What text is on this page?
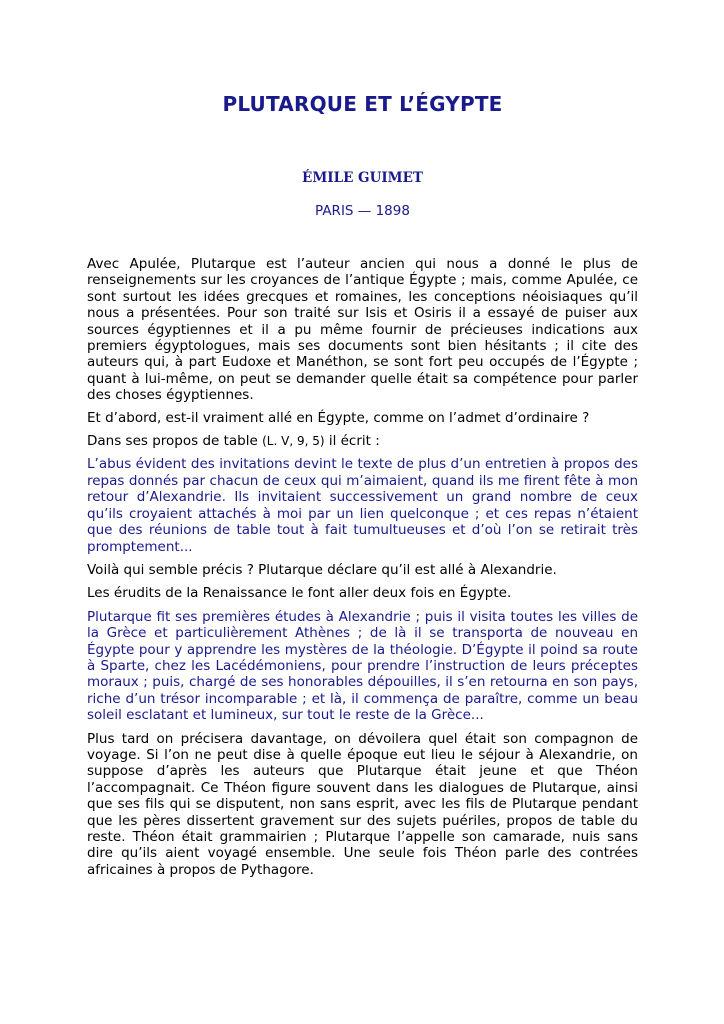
PLUTARQUE ET L’ÉGYPTE
ÉMILE GUIMET
PARIS — 1898

Avec Apulée, Plutarque est l’auteur ancien qui nous a donné le plus de renseignements sur les croyances de l’antique Égypte ; mais, comme Apulée, ce sont surtout les idées grecques et romaines, les conceptions néoisiaques qu’il nous a présentées. Pour son traité sur Isis et Osiris il a essayé de puiser aux sources égyptiennes et il a pu même fournir de précieuses indications aux premiers égyptologues, mais ses documents sont bien hésitants ; il cite des auteurs qui, à part Eudoxe et Manéthon, se sont fort peu occupés de l’Égypte ; quant à lui-même, on peut se demander quelle était sa compétence pour parler des choses égyptiennes.

Et d’abord, est-il vraiment allé en Égypte, comme on l’admet d’ordinaire ?

Dans ses propos de table (L. V, 9, 5) il écrit :

L’abus évident des invitations devint le texte de plus d’un entretien à propos des repas donnés par chacun de ceux qui m’aimaient, quand ils me firent fête à mon retour d’Alexandrie. Ils invitaient successivement un grand nombre de ceux qu’ils croyaient attachés à moi par un lien quelconque ; et ces repas n’étaient que des réunions de table tout à fait tumultueuses et d’où l’on se retirait très promptement...

Voilà qui semble précis ? Plutarque déclare qu’il est allé à Alexandrie.

Les érudits de la Renaissance le font aller deux fois en Égypte.

Plutarque fit ses premières études à Alexandrie ; puis il visita toutes les villes de la Grèce et particulièrement Athènes ; de là il se transporta de nouveau en Égypte pour y apprendre les mystères de la théologie. D’Égypte il poind sa route à Sparte, chez les Lacédémoniens, pour prendre l’instruction de leurs préceptes moraux ; puis, chargé de ses honorables dépouilles, il s’en retourna en son pays, riche d’un trésor incomparable ; et là, il commença de paraître, comme un beau soleil esclatant et lumineux, sur tout le reste de la Grèce...

Plus tard on précisera davantage, on dévoilera quel était son compagnon de voyage. Si l’on ne peut dise à quelle époque eut lieu le séjour à Alexandrie, on suppose d’après les auteurs que Plutarque était jeune et que Théon l’accompagnait. Ce Théon figure souvent dans les dialogues de Plutarque, ainsi que ses fils qui se disputent, non sans esprit, avec les fils de Plutarque pendant que les pères dissertent gravement sur des sujets puériles, propos de table du reste. Théon était grammairien ; Plutarque l’appelle son camarade, nuis sans dire qu’ils aient voyagé ensemble. Une seule fois Théon parle des contrées africaines à propos de Pythagore.
